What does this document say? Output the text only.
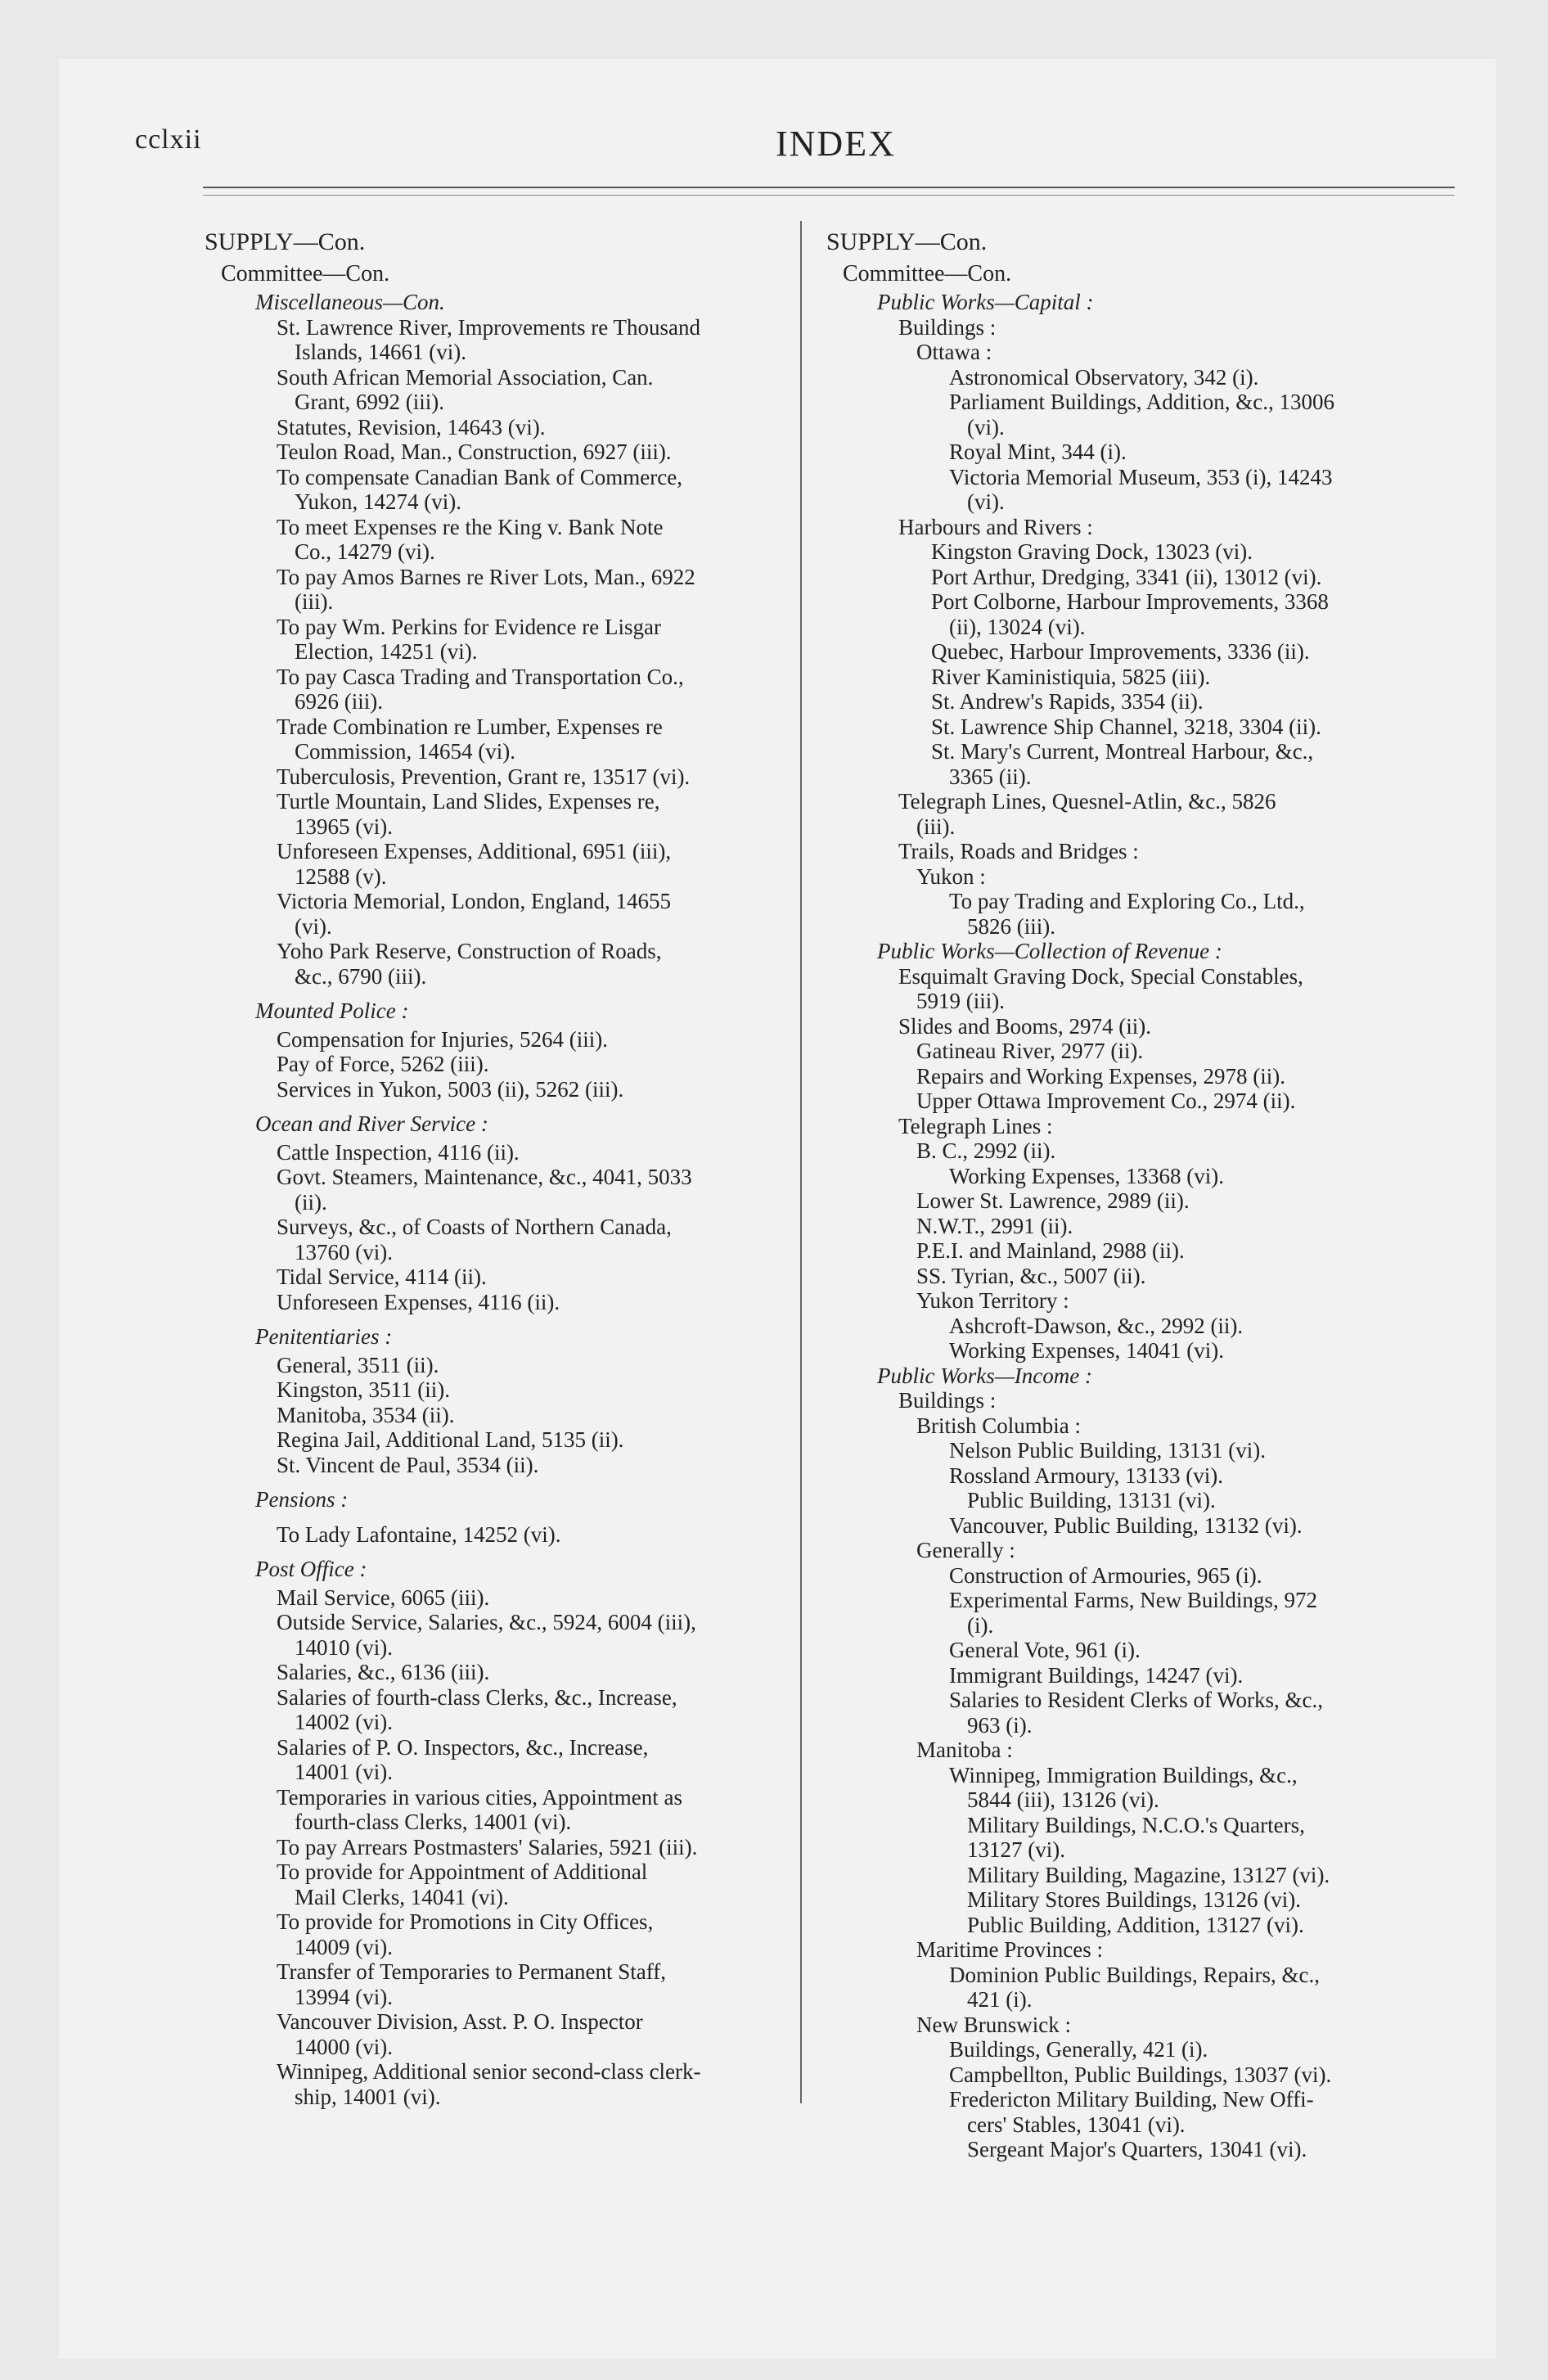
cclxii	INDEX
SUPPLY—Con.
Committee—Con.
Miscellaneous—Con.
St. Lawrence River, Improvements re Thousand
Islands, 14661 (vi).
South African Memorial Association, Can.
Grant, 6992 (iii).
Statutes, Revision, 14643 (vi).
Teulon Road, Man., Construction, 6927 (iii).
To compensate Canadian Bank of Commerce,
Yukon, 14274 (vi).
To meet Expenses re the King v. Bank Note
Co., 14279 (vi).
To pay Amos Barnes re River Lots, Man., 6922
(iii).
To pay Wm. Perkins for Evidence re Lisgar
Election, 14251 (vi).
To pay Casca Trading and Transportation Co.,
6926 (iii).
Trade Combination re Lumber, Expenses re
Commission, 14654 (vi).
Tuberculosis, Prevention, Grant re, 13517 (vi).
Turtle Mountain, Land Slides, Expenses re,
13965 (vi).
Unforeseen Expenses, Additional, 6951 (iii),
12588 (v).
Victoria Memorial, London, England, 14655
(vi).
Yoho Park Reserve, Construction of Roads,
&c., 6790 (iii).
Mounted Police :
Compensation for Injuries, 5264 (iii).
Pay of Force, 5262 (iii).
Services in Yukon, 5003 (ii), 5262 (iii).
Ocean and River Service :
Cattle Inspection, 4116 (ii).
Govt. Steamers, Maintenance, &c., 4041, 5033
(ii).
Surveys, &c., of Coasts of Northern Canada,
13760 (vi).
Tidal Service, 4114 (ii).
Unforeseen Expenses, 4116 (ii).
Penitentiaries :
General, 3511 (ii).
Kingston, 3511 (ii).
Manitoba, 3534 (ii).
Regina Jail, Additional Land, 5135 (ii).
St. Vincent de Paul, 3534 (ii).
Pensions :
To Lady Lafontaine, 14252 (vi).
Post Office :
Mail Service, 6065 (iii).
Outside Service, Salaries, &c., 5924, 6004 (iii),
14010 (vi).
Salaries, &c., 6136 (iii).
Salaries of fourth-class Clerks, &c., Increase,
14002 (vi).
Salaries of P. O. Inspectors, &c., Increase,
14001 (vi).
Temporaries in various cities, Appointment as
fourth-class Clerks, 14001 (vi).
To pay Arrears Postmasters' Salaries, 5921 (iii).
To provide for Appointment of Additional
Mail Clerks, 14041 (vi).
To provide for Promotions in City Offices,
14009 (vi).
Transfer of Temporaries to Permanent Staff,
13994 (vi).
Vancouver Division, Asst. P. O. Inspector
14000 (vi).
Winnipeg, Additional senior second-class clerk-
ship, 14001 (vi).
SUPPLY—Con.
Committee—Con.
Public Works—Capital :
Buildings :
Ottawa :
Astronomical Observatory, 342 (i).
Parliament Buildings, Addition, &c., 13006
(vi).
Royal Mint, 344 (i).
Victoria Memorial Museum, 353 (i), 14243
(vi).
Harbours and Rivers :
Kingston Graving Dock, 13023 (vi).
Port Arthur, Dredging, 3341 (ii), 13012 (vi).
Port Colborne, Harbour Improvements, 3368
(ii), 13024 (vi).
Quebec, Harbour Improvements, 3336 (ii).
River Kaministiquia, 5825 (iii).
St. Andrew's Rapids, 3354 (ii).
St. Lawrence Ship Channel, 3218, 3304 (ii).
St. Mary's Current, Montreal Harbour, &c.,
3365 (ii).
Telegraph Lines, Quesnel-Atlin, &c., 5826
(iii).
Trails, Roads and Bridges :
Yukon :
To pay Trading and Exploring Co., Ltd.,
5826 (iii).
Public Works—Collection of Revenue :
Esquimalt Graving Dock, Special Constables,
5919 (iii).
Slides and Booms, 2974 (ii).
Gatineau River, 2977 (ii).
Repairs and Working Expenses, 2978 (ii).
Upper Ottawa Improvement Co., 2974 (ii).
Telegraph Lines :
B. C., 2992 (ii).
Working Expenses, 13368 (vi).
Lower St. Lawrence, 2989 (ii).
N.W.T., 2991 (ii).
P.E.I. and Mainland, 2988 (ii).
SS. Tyrian, &c., 5007 (ii).
Yukon Territory :
Ashcroft-Dawson, &c., 2992 (ii).
Working Expenses, 14041 (vi).
Public Works—Income :
Buildings :
British Columbia :
Nelson Public Building, 13131 (vi).
Rossland Armoury, 13133 (vi).
Public Building, 13131 (vi).
Vancouver, Public Building, 13132 (vi).
Generally :
Construction of Armouries, 965 (i).
Experimental Farms, New Buildings, 972
(i).
General Vote, 961 (i).
Immigrant Buildings, 14247 (vi).
Salaries to Resident Clerks of Works, &c.,
963 (i).
Manitoba :
Winnipeg, Immigration Buildings, &c.,
5844 (iii), 13126 (vi).
Military Buildings, N.C.O.'s Quarters,
13127 (vi).
Military Building, Magazine, 13127 (vi).
Military Stores Buildings, 13126 (vi).
Public Building, Addition, 13127 (vi).
Maritime Provinces :
Dominion Public Buildings, Repairs, &c.,
421 (i).
New Brunswick :
Buildings, Generally, 421 (i).
Campbellton, Public Buildings, 13037 (vi).
Fredericton Military Building, New Offi-
cers' Stables, 13041 (vi).
Sergeant Major's Quarters, 13041 (vi).
